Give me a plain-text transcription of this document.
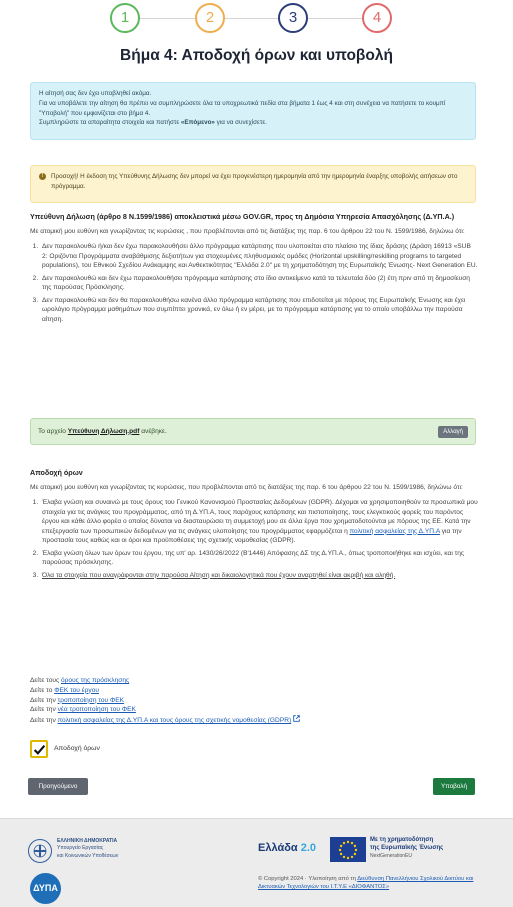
1	2	3	4
Βήμα 4: Αποδοχή όρων και υποβολή
Η αίτησή σας δεν έχει υποβληθεί ακόμα.
Για να υποβάλετε την αίτηση θα πρέπει να συμπληρώσετε όλα τα υποχρεωτικά πεδία στα βήματα 1 έως 4 και στη συνέχεια να πατήσετε το κουμπί "Υποβολή" που εμφανίζεται στο βήμα 4.
Συμπληρώστε τα απαραίτητα στοιχεία και πατήστε «Επόμενο» για να συνεχίσετε.
!	Προσοχή! Η έκδοση της Υπεύθυνης Δήλωσης δεν μπορεί να έχει προγενέστερη ημερομηνία από την ημερομηνία έναρξης υποβολής αιτήσεων στο πρόγραμμα.
Υπεύθυνη Δήλωση (άρθρο 8 Ν.1599/1986) αποκλειστικά μέσω GOV.GR, προς τη Δημόσια Υπηρεσία Απασχόλησης (Δ.ΥΠ.Α.)
Με ατομική μου ευθύνη και γνωρίζοντας τις κυρώσεις , που προβλέπονται από τις διατάξεις της παρ. 6 του άρθρου 22 του Ν. 1599/1986, δηλώνω ότι:
1. Δεν παρακολουθώ ή/και δεν έχω παρακολουθήσει άλλο πρόγραμμα κατάρτισης που υλοποιείται στο πλαίσιο της ίδιας δράσης (Δράση 16913 «SUB 2: Οριζόντια Προγράμματα αναβάθμισης δεξιοτήτων για στοχευμένες πληθυσμιακές ομάδες (Horizontal upskilling/reskilling programs to targeted populations), του Εθνικού Σχεδίου Ανάκαμψης και Ανθεκτικότητας "Ελλάδα 2.0" με τη χρηματοδότηση της Ευρωπαϊκής Ένωσης- Next Generation EU.
2. Δεν παρακολουθώ και δεν έχω παρακολουθήσει πρόγραμμα κατάρτισης στο ίδιο αντικείμενο κατά τα τελευταία δύο (2) έτη πριν από τη δημοσίευση της παρούσας Πρόσκλησης.
3. Δεν παρακολουθώ και δεν θα παρακολουθήσω κανένα άλλο πρόγραμμα κατάρτισης που επιδοτείται με πόρους της Ευρωπαϊκής Ένωσης και έχει ωρολόγιο πρόγραμμα μαθημάτων που συμπίπτει χρονικά, εν όλω ή εν μέρει, με το πρόγραμμα κατάρτισης για το οποίο υποβάλλω την παρούσα αίτηση.
Το αρχείο
Υπεύθυνη Δήλωση.pdf
ανέβηκε.	Αλλαγή
Αποδοχή όρων
Με ατομική μου ευθύνη και γνωρίζοντας τις κυρώσεις, που προβλέπονται από τις διατάξεις της παρ. 6 του άρθρου 22 του Ν. 1599/1986, δηλώνω ότι:
1. Έλαβα γνώση και συναινώ με τους όρους του Γενικού Κανονισμού Προστασίας Δεδομένων (GDPR). Δέχομαι να χρησιμοποιηθούν τα προσωπικά μου στοιχεία για τις ανάγκες του προγράμματος, από τη Δ.ΥΠ.Α, τους παρόχους κατάρτισης και πιστοποίησης, τους ελεγκτικούς φορείς του παρόντος έργου και κάθε άλλο φορέα ο οποίος δύναται να διασταυρώσει τη συμμετοχή μου σε άλλα έργα που χρηματοδοτούνται με πόρους της ΕΕ. Κατά την επεξεργασία των προσωπικών δεδομένων για τις ανάγκες υλοποίησης του προγράμματος εφαρμόζεται η πολιτική ασφαλείας της Δ.ΥΠ.Α για την προστασία τους καθώς και οι όροι και προϋποθέσεις της σχετικής νομοθεσίας (GDPR).
2. Έλαβα γνώση όλων των όρων του έργου, της υπ' αρ. 1430/26/2022 (Β'1446) Απόφασης ΔΣ της Δ.ΥΠ.Α., όπως τροποποιήθηκε και ισχύει, και της παρούσας πρόσκλησης.
3. Όλα τα στοιχεία που αναγράφονται στην παρούσα Αίτηση και δικαιολογητικά που έχουν αναρτηθεί είναι ακριβή και αληθή.
Δείτε τους όρους της πρόσκλησης
Δείτε το ΦΕΚ του έργου
Δείτε την τροποποίηση του ΦΕΚ
Δείτε την νέα τροποποίηση του ΦΕΚ
Δείτε την πολιτική ασφαλείας της Δ.ΥΠ.Α και τους όρους της σχετικής νομοθεσίας (GDPR)
Αποδοχή όρων
Προηγούμενο	Υποβολή
ΕΛΛΗΝΙΚΗ ΔΗΜΟΚΡΑΤΙΑ
Υπουργείο Εργασίας
και Κοινωνικών Υποθέσεων
Ελλάδα 2.0
Με τη χρηματοδότηση
της Ευρωπαϊκής Ένωσης
NextGenerationEU
ΔΥΠΑ
© Copyright 2024 · Υλοποίηση από τη Διεύθυνση Πανελλήνιου Σχολικού Δικτύου και Δικτυακών Τεχνολογιών του Ι.Τ.Υ.Ε «ΔΙΟΦΑΝΤΟΣ»
